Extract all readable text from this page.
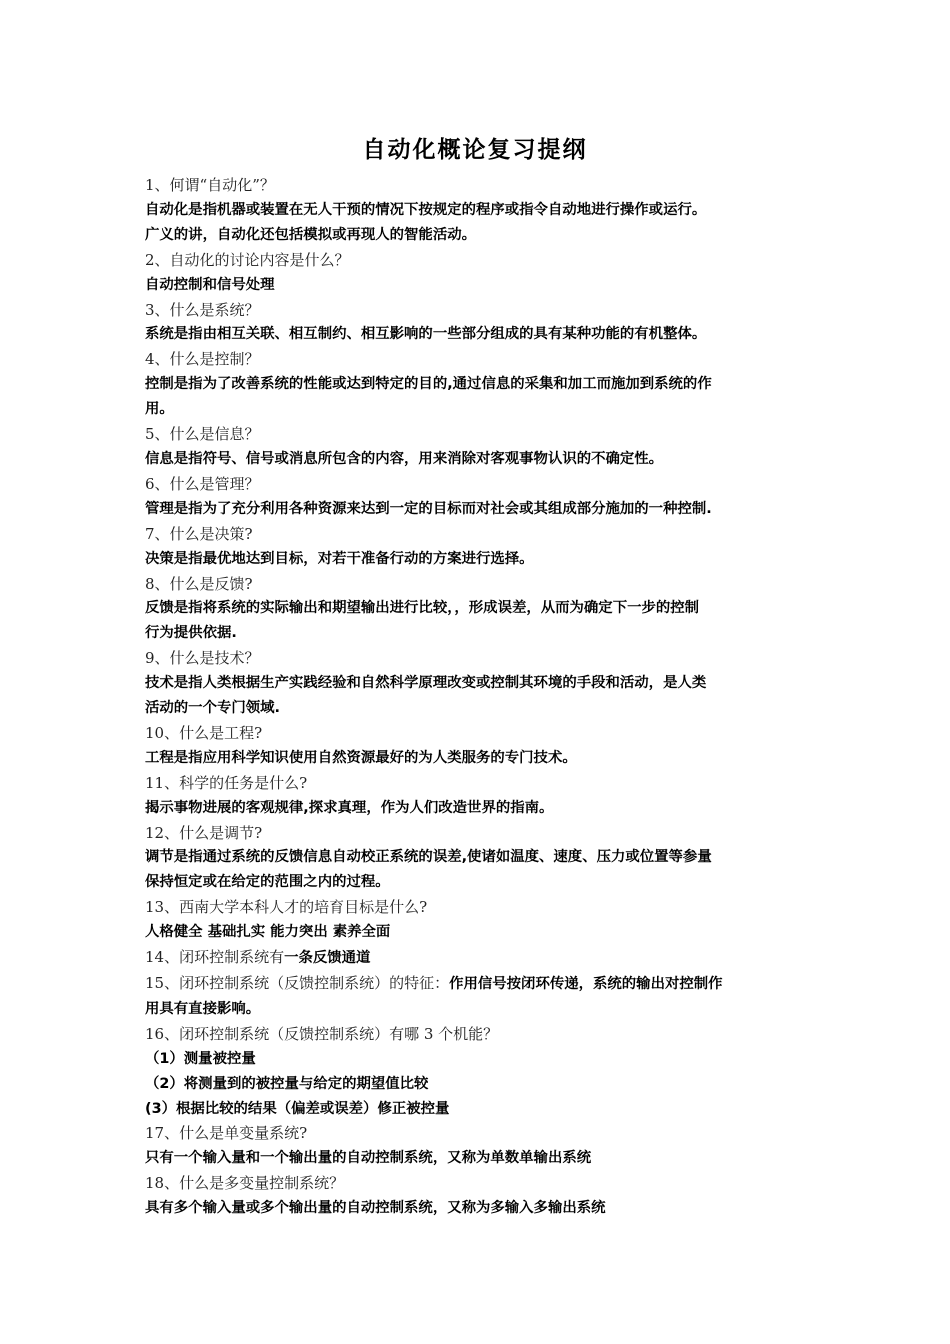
自动化概论复习提纲
1、何谓“自动化”？
自动化是指机器或装置在无人干预的情况下按规定的程序或指令自动地进行操作或运行。
广义的讲，自动化还包括模拟或再现人的智能活动。
2、自动化的讨论内容是什么？
自动控制和信号处理
3、什么是系统？
系统是指由相互关联、相互制约、相互影响的一些部分组成的具有某种功能的有机整体。
4、什么是控制？
控制是指为了改善系统的性能或达到特定的目的,通过信息的采集和加工而施加到系统的作
用。
5、什么是信息？
信息是指符号、信号或消息所包含的内容，用来消除对客观事物认识的不确定性。
6、什么是管理？
管理是指为了充分利用各种资源来达到一定的目标而对社会或其组成部分施加的一种控制.
7、什么是决策?
决策是指最优地达到目标，对若干准备行动的方案进行选择。
8、什么是反馈?
反馈是指将系统的实际输出和期望输出进行比较，，形成误差，从而为确定下一步的控制
行为提供依据.
9、什么是技术？
技术是指人类根据生产实践经验和自然科学原理改变或控制其环境的手段和活动，是人类
活动的一个专门领域.
10、什么是工程?
工程是指应用科学知识使用自然资源最好的为人类服务的专门技术。
11、科学的任务是什么?
揭示事物进展的客观规律,探求真理，作为人们改造世界的指南。
12、什么是调节?
调节是指通过系统的反馈信息自动校正系统的误差,使诸如温度、速度、压力或位置等参量
保持恒定或在给定的范围之内的过程。
13、西南大学本科人才的培育目标是什么?
人格健全 基础扎实 能力突出 素养全面
14、闭环控制系统有一条反馈通道
15、闭环控制系统（反馈控制系统）的特征：作用信号按闭环传递，系统的输出对控制作
用具有直接影响。
16、闭环控制系统（反馈控制系统）有哪 3 个机能？
（1）测量被控量
（2）将测量到的被控量与给定的期望值比较
(3）根据比较的结果（偏差或误差）修正被控量
17、什么是单变量系统?
只有一个输入量和一个输出量的自动控制系统，又称为单数单输出系统
18、什么是多变量控制系统？
具有多个输入量或多个输出量的自动控制系统，又称为多输入多输出系统
